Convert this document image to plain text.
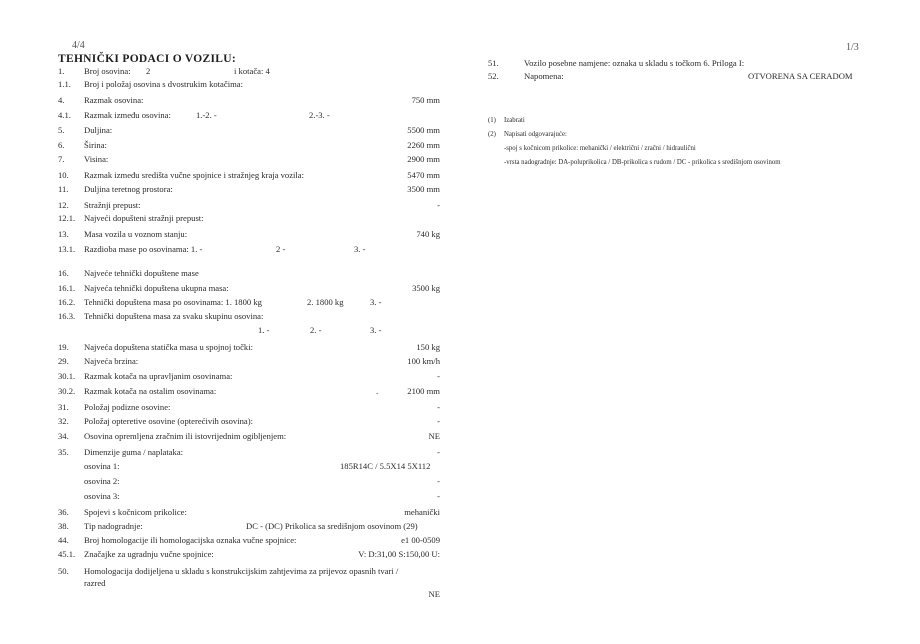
4/4
TEHNIČKI PODACI O VOZILU:
1. Broj osovina: 2	i kotača: 4
1.1. Broj i položaj osovina s dvostrukim kotačima:
4. Razmak osovina:	750 mm
4.1. Razmak između osovina:	1.-2. -	2.-3. -
5. Duljina:	5500 mm
6. Širina:	2260 mm
7. Visina:	2900 mm
10. Razmak između središta vučne spojnice i stražnjeg kraja vozila:	5470 mm
11. Duljina teretnog prostora:	3500 mm
12. Stražnji prepust:	-
12.1. Najveći dopušteni stražnji prepust:
13. Masa vozila u voznom stanju:	740 kg
13.1. Razdioba mase po osovinama: 1. -	2 -	3. -
16. Najveće tehnički dopuštene mase
16.1. Najveća tehnički dopuštena ukupna masa:	3500 kg
16.2. Tehnički dopuštena masa po osovinama: 1. 1800 kg	2. 1800 kg	3. -
16.3. Tehnički dopuštena masa za svaku skupinu osovina:
1. -	2. -	3. -
19. Najveća dopuštena statička masa u spojnoj točki:	150 kg
29. Najveća brzina:	100 km/h
30.1. Razmak kotača na upravljanim osovinama:	-
30.2. Razmak kotača na ostalim osovinama:	.	2100 mm
31. Položaj podizne osovine:	-
32. Položaj opteretive osovine (opterećivih osovina):	-
34. Osovina opremljena zračnim ili istovrijednim ogibljenjem:	NE
35. Dimenzije guma / naplataka:	-
osovina 1:	185R14C / 5.5X14 5X112
osovina 2:	-
osovina 3:	-
36. Spojevi s kočnicom prikolice:	mehanički
38. Tip nadogradnje:	DC - (DC) Prikolica sa središnjom osovinom (29)
44. Broj homologacije ili homologacijska oznaka vučne spojnice:	e1 00-0509
45.1. Značajke za ugradnju vučne spojnice:	V: D:31,00 S:150,00 U:
50. Homologacija dodijeljena u skladu s konstrukcijskim zahtjevima za prijevoz opasnih tvari /
razred
NE
1/3
51.	Vozilo posebne namjene: oznaka u skladu s točkom 6. Priloga I:
52.	Napomena:	OTVORENA SA CERADOM
(1) Izabrati
(2) Napisati odgovarajuće:
-spoj s kočnicom prikolice: mehanički / električni / zračni / hidraulični
-vrsta nadogradnje: DA-poluprikolica / DB-prikolica s rudom / DC - prikolica s središnjom osovinom
